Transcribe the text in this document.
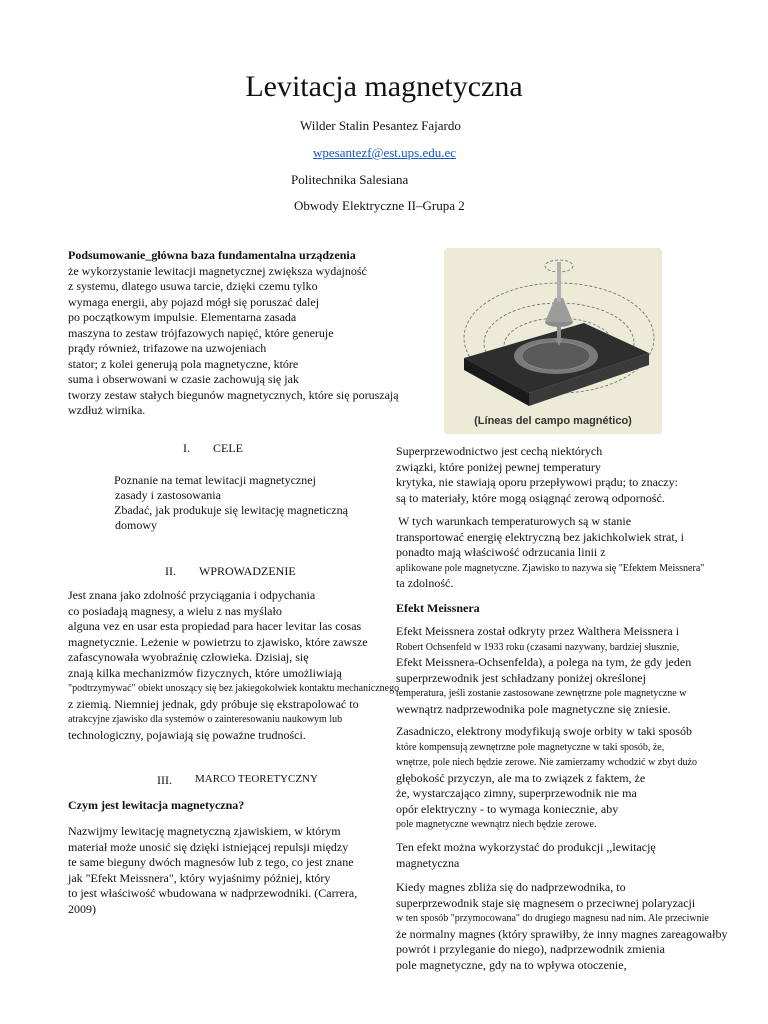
Levitacja magnetyczna
Wilder Stalin Pesantez Fajardo
wpesantezf@est.ups.edu.ec
Politechnika Salesiana
Obwody Elektryczne II–Grupa 2
Podsumowanie_główna baza fundamentalna urządzenia
że wykorzystanie lewitacji magnetycznej zwiększa wydajność
z systemu, dlatego usuwa tarcie, dzięki czemu tylko
wymaga energii, aby pojazd mógł się poruszać dalej
po początkowym impulsie. Elementarna zasada
maszyna to zestaw trójfazowych napięć, które generuje
prądy również, trifazowe na uzwojeniach
stator; z kolei generują pola magnetyczne, które
suma i obserwowani w czasie zachowują się jak
tworzy zestaw stałych biegunów magnetycznych, które się poruszają
wzdłuż wirnika.
(Líneas del campo magnético)
I. CELE
Poznanie na temat lewitacji magnetycznej
zasady i zastosowania
Zbadać, jak produkuje się lewitację magneticzną
domowy
II. WPROWADZENIE
Jest znana jako zdolność przyciągania i odpychania
co posiadają magnesy, a wielu z nas myślało
alguna vez en usar esta propiedad para hacer levitar las cosas
magnetycznie. Leżenie w powietrzu to zjawisko, które zawsze
zafascynowała wyobraźnię człowieka. Dzisiaj, się
znają kilka mechanizmów fizycznych, które umożliwiają
"podtrzymywać" obiekt unoszący się bez jakiegokolwiek kontaktu mechanicznego
z ziemią. Niemniej jednak, gdy próbuje się ekstrapolować to
atrakcyjne zjawisko dla systemów o zainteresowaniu naukowym lub
technologiczny, pojawiają się poważne trudności.
III. MARCO TEORETYCZNY
Czym jest lewitacja magnetyczna?
Nazwijmy lewitację magnetyczną zjawiskiem, w którym
materiał może unosić się dzięki istniejącej repulsji między
te same bieguny dwóch magnesów lub z tego, co jest znane
jak "Efekt Meissnera", który wyjaśnimy później, który
to jest właściwość wbudowana w nadprzewodniki. (Carrera,
2009)
Superprzewodnictwo jest cechą niektórych
związki, które poniżej pewnej temperatury
krytyka, nie stawiają oporu przepływowi prądu; to znaczy:
są to materiały, które mogą osiągnąć zerową odporność.
W tych warunkach temperaturowych są w stanie
transportować energię elektryczną bez jakichkolwiek strat, i
ponadto mają właściwość odrzucania linii z
aplikowane pole magnetyczne. Zjawisko to nazywa się "Efektem Meissnera"
ta zdolność.
Efekt Meissnera
Efekt Meissnera został odkryty przez Walthera Meissnera i
Robert Ochsenfeld w 1933 roku (czasami nazywany, bardziej słusznie,
Efekt Meissnera-Ochsenfelda), a polega na tym, że gdy jeden
superprzewodnik jest schładzany poniżej określonej
temperatura, jeśli zostanie zastosowane zewnętrzne pole magnetyczne w
wewnątrz nadprzewodnika pole magnetyczne się zniesie.
Zasadniczo, elektrony modyfikują swoje orbity w taki sposób
które kompensują zewnętrzne pole magnetyczne w taki sposób, że,
wnętrze, pole niech będzie zerowe. Nie zamierzamy wchodzić w zbyt dużo
głębokość przyczyn, ale ma to związek z faktem, że
że, wystarczająco zimny, superprzewodnik nie ma
opór elektryczny - to wymaga koniecznie, aby
pole magnetyczne wewnątrz niech będzie zerowe.
Ten efekt można wykorzystać do produkcji ,,lewitację
magnetyczna
Kiedy magnes zbliża się do nadprzewodnika, to
superprzewodnik staje się magnesem o przeciwnej polaryzacji
w ten sposób "przymocowana" do drugiego magnesu nad nim. Ale przeciwnie
że normalny magnes (który sprawiłby, że inny magnes zareagowałby
powrót i przyleganie do niego), nadprzewodnik zmienia
pole magnetyczne, gdy na to wpływa otoczenie,
